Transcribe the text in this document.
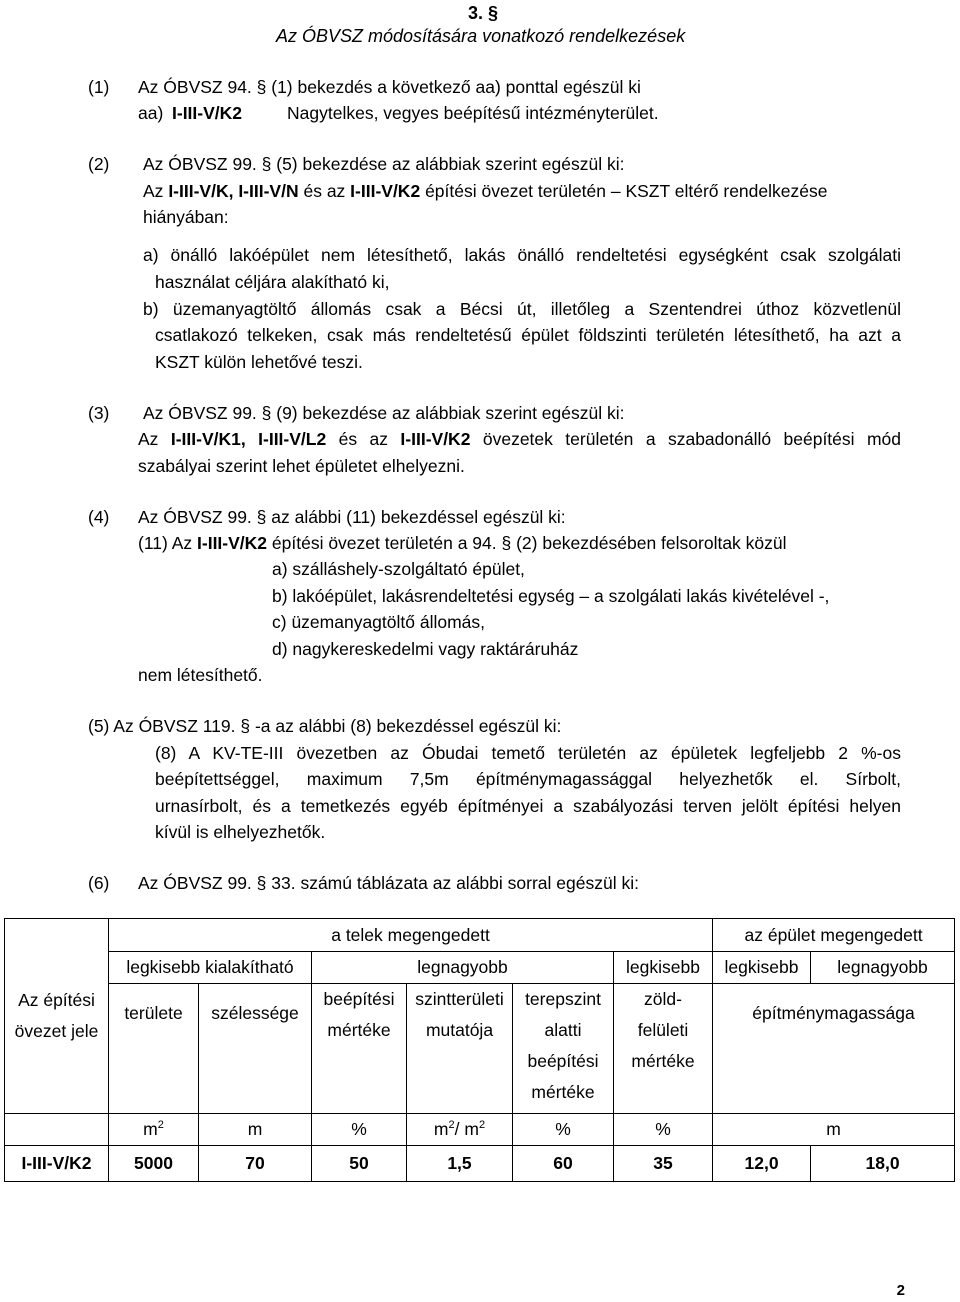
3. §
Az ÓBVSZ módosítására vonatkozó rendelkezések
(1) Az ÓBVSZ 94. § (1) bekezdés a következő aa) ponttal egészül ki
aa) I-III-V/K2	Nagytelkes, vegyes beépítésű intézményterület.
(2) Az ÓBVSZ 99. § (5) bekezdése az alábbiak szerint egészül ki:
Az I-III-V/K, I-III-V/N és az I-III-V/K2 építési övezet területén – KSZT eltérő rendelkezése
hiányában:
a) önálló lakóépület nem létesíthető, lakás önálló rendeltetési egységként csak szolgálati
használat céljára alakítható ki,
b) üzemanyagtöltő állomás csak a Bécsi út, illetőleg a Szentendrei úthoz közvetlenül
csatlakozó telkeken, csak más rendeltetésű épület földszinti területén létesíthető, ha azt a
KSZT külön lehetővé teszi.
(3) Az ÓBVSZ 99. § (9) bekezdése az alábbiak szerint egészül ki:
Az I-III-V/K1, I-III-V/L2 és az I-III-V/K2 övezetek területén a szabadonálló beépítési mód
szabályai szerint lehet épületet elhelyezni.
(4) Az ÓBVSZ 99. § az alábbi (11) bekezdéssel egészül ki:
(11) Az I-III-V/K2 építési övezet területén a 94. § (2) bekezdésében felsoroltak közül
a) szálláshely-szolgáltató épület,
b) lakóépület, lakásrendeltetési egység – a szolgálati lakás kivételével -,
c) üzemanyagtöltő állomás,
d) nagykereskedelmi vagy raktáráruház
nem létesíthető.
(5) Az ÓBVSZ 119. § -a az alábbi (8) bekezdéssel egészül ki:
(8) A KV-TE-III övezetben az Óbudai temető területén az épületek legfeljebb 2 %-os
beépítettséggel, maximum 7,5m építménymagassággal helyezhetők el. Sírbolt,
urnasírbolt, és a temetkezés egyéb építményei a szabályozási terven jelölt építési helyen
kívül is elhelyezhetők.
(6) Az ÓBVSZ 99. § 33. számú táblázata az alábbi sorral egészül ki:
Az építési övezet jele	a telek megengedett						az épület megengedett	
	legkisebb kialakítható		legnagyobb			legkisebb	legkisebb	legnagyobb
	területe	szélessége	beépítési mértéke	szintterületi mutatója	terepszint alatti beépítési mértéke	zöld-felületi mértéke	építménymagassága	
	$m^2$	m	%	$m^2/$ $m^2$	%	%	m	
I-III-V/K2	5000	70	50	1,5	60	35	12,0	18,0
2
